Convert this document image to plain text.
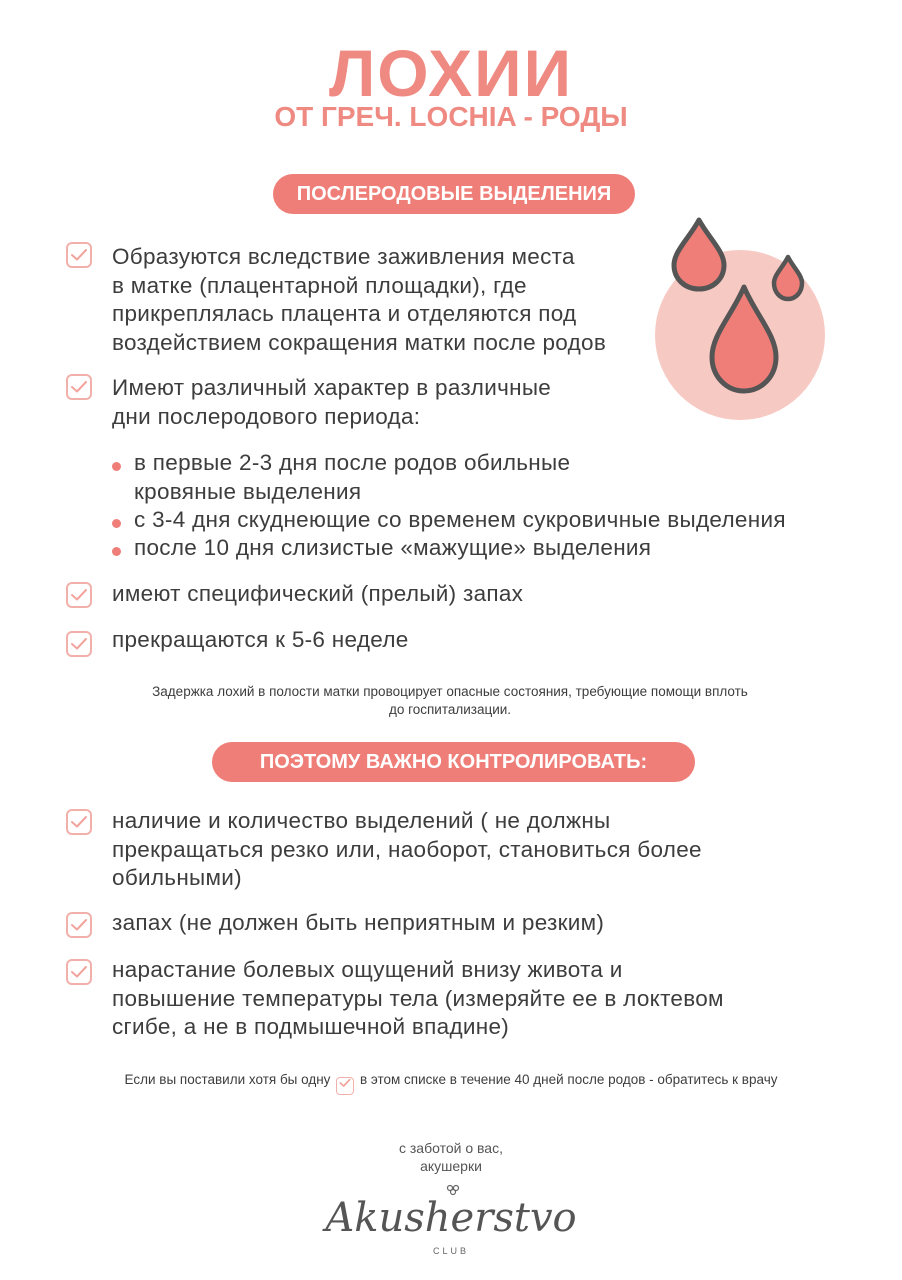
ЛОХИИ
ОТ ГРЕЧ. LOCHIA - РОДЫ
ПОСЛЕРОДОВЫЕ ВЫДЕЛЕНИЯ
Образуются вследствие заживления места
в матке (плацентарной площадки), где
прикреплялась плацента и отделяются под
воздействием сокращения матки после родов
Имеют различный характер в различные
дни послеродового периода:
в первые 2-3 дня после родов обильные
кровяные выделения
с 3-4 дня скуднеющие со временем сукровичные выделения
после 10 дня слизистые «мажущие» выделения
имеют специфический (прелый) запах
прекращаются к 5-6 неделе
Задержка лохий в полости матки провоцирует опасные состояния, требующие помощи вплоть
до госпитализации.
ПОЭТОМУ ВАЖНО КОНТРОЛИРОВАТЬ:
наличие и количество выделений ( не должны
прекращаться резко или, наоборот, становиться более
обильными)
запах (не должен быть неприятным и резким)
нарастание болевых ощущений внизу живота и
повышение температуры тела (измеряйте ее в локтевом
сгибе, а не в подмышечной впадине)
Если вы поставили хотя бы одну в этом списке в течение 40 дней после родов - обратитесь к врачу
с заботой о вас,
акушерки
Akusherstvo
CLUB
